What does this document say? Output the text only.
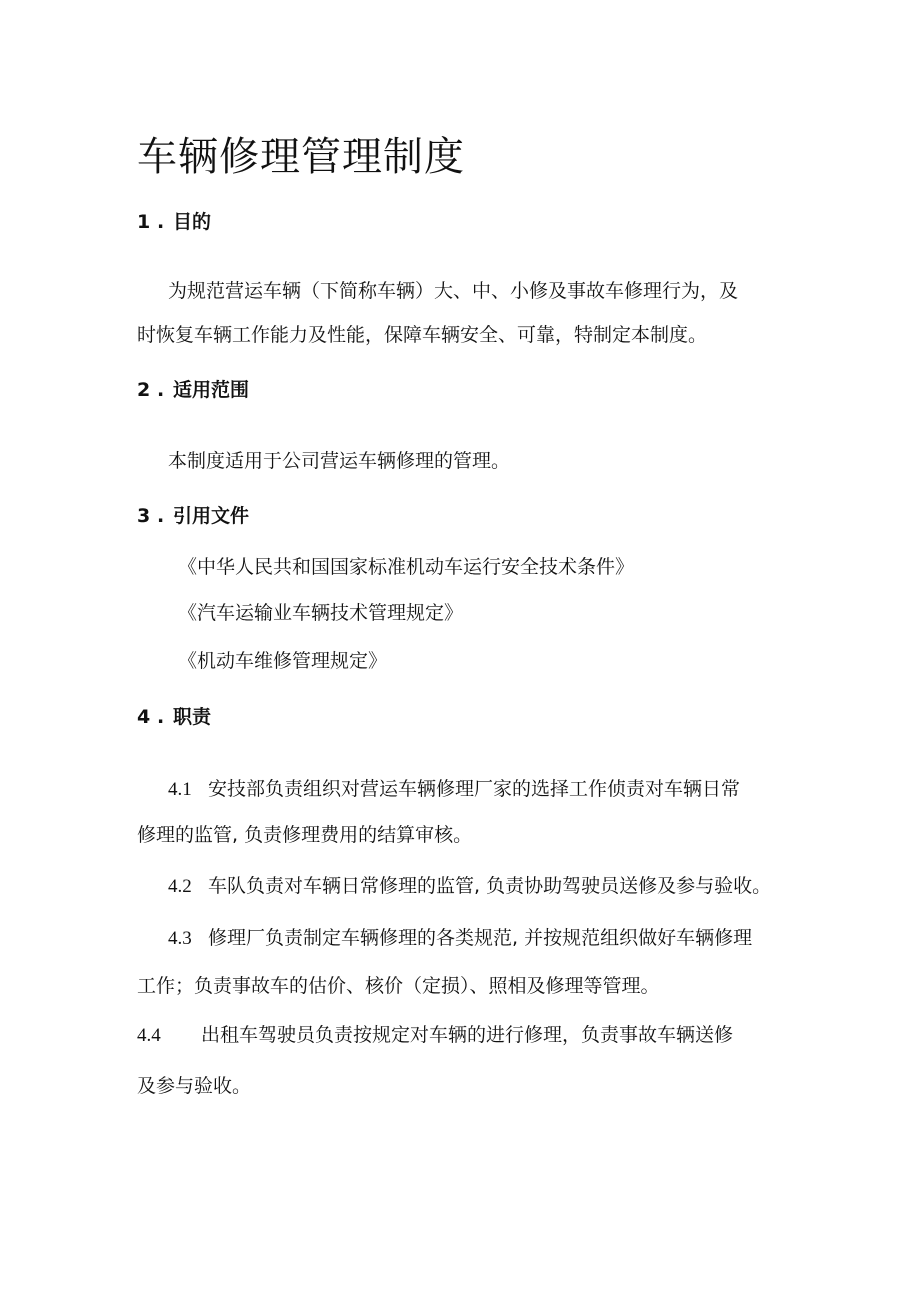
车辆修理管理制度
1 . 目的
为规范营运车辆（下简称车辆）大、中、小修及事故车修理行为，及
时恢复车辆工作能力及性能，保障车辆安全、可靠，特制定本制度。
2 . 适用范围
本制度适用于公司营运车辆修理的管理。
3 . 引用文件
《中华人民共和国国家标准机动车运行安全技术条件》
《汽车运输业车辆技术管理规定》
《机动车维修管理规定》
4 . 职责
4.1 安技部负责组织对营运车辆修理厂家的选择工作侦责对车辆日常
修理的监管, 负责修理费用的结算审核。
4.2 车队负责对车辆日常修理的监管, 负责协助驾驶员送修及参与验收。
4.3 修理厂负责制定车辆修理的各类规范, 并按规范组织做好车辆修理
工作；负责事故车的估价、核价（定损）、照相及修理等管理。
4.4 出租车驾驶员负责按规定对车辆的进行修理，负责事故车辆送修
及参与验收。
